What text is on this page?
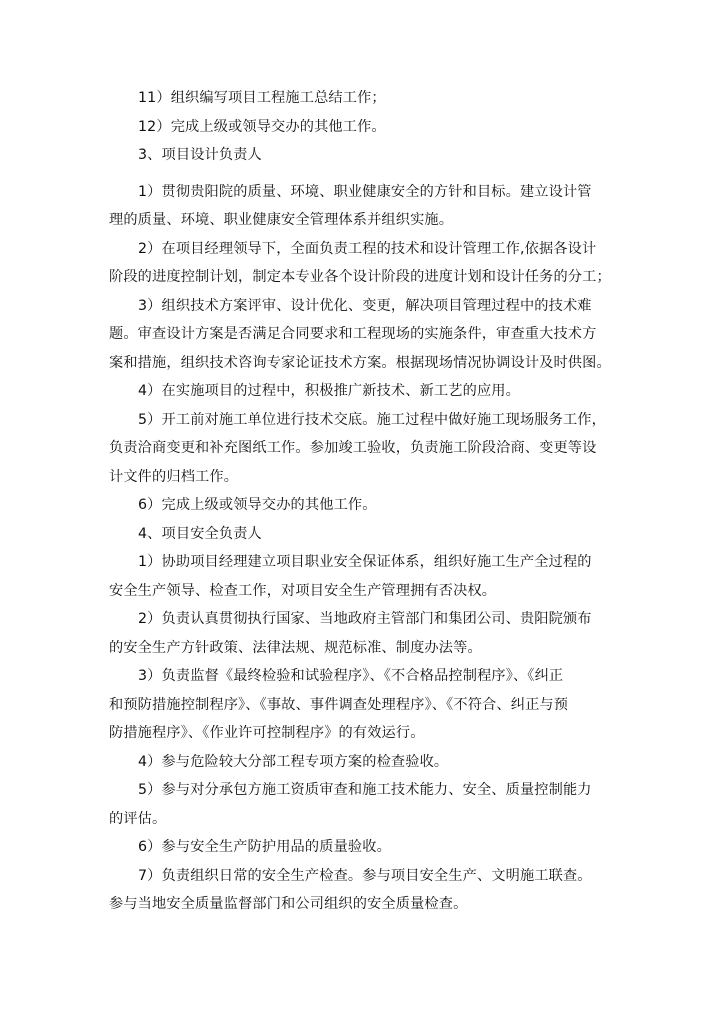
11）组织编写项目工程施工总结工作；
12）完成上级或领导交办的其他工作。
3、项目设计负责人
1）贯彻贵阳院的质量、环境、职业健康安全的方针和目标。建立设计管
理的质量、环境、职业健康安全管理体系并组织实施。
2）在项目经理领导下，全面负责工程的技术和设计管理工作,依据各设计
阶段的进度控制计划，制定本专业各个设计阶段的进度计划和设计任务的分工；
3）组织技术方案评审、设计优化、变更，解决项目管理过程中的技术难
题。审查设计方案是否满足合同要求和工程现场的实施条件，审查重大技术方
案和措施，组织技术咨询专家论证技术方案。根据现场情况协调设计及时供图。
4）在实施项目的过程中，积极推广新技术、新工艺的应用。
5）开工前对施工单位进行技术交底。施工过程中做好施工现场服务工作，
负责洽商变更和补充图纸工作。参加竣工验收，负责施工阶段洽商、变更等设
计文件的归档工作。
6）完成上级或领导交办的其他工作。
4、项目安全负责人
1）协助项目经理建立项目职业安全保证体系，组织好施工生产全过程的
安全生产领导、检查工作，对项目安全生产管理拥有否决权。
2）负责认真贯彻执行国家、当地政府主管部门和集团公司、贵阳院颁布
的安全生产方针政策、法律法规、规范标准、制度办法等。
3）负责监督《最终检验和试验程序》、《不合格品控制程序》、《纠正
和预防措施控制程序》、《事故、事件调查处理程序》、《不符合、纠正与预
防措施程序》、《作业许可控制程序》的有效运行。
4）参与危险较大分部工程专项方案的检查验收。
5）参与对分承包方施工资质审查和施工技术能力、安全、质量控制能力
的评估。
6）参与安全生产防护用品的质量验收。
7）负责组织日常的安全生产检查。参与项目安全生产、文明施工联查。
参与当地安全质量监督部门和公司组织的安全质量检查。
